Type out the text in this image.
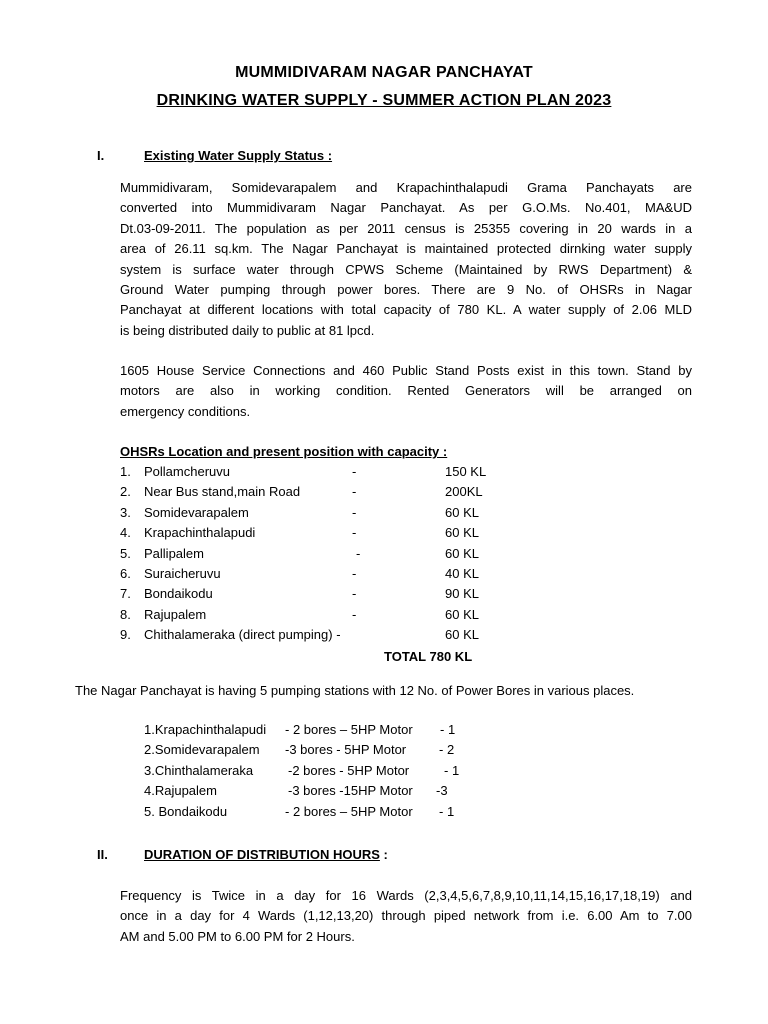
MUMMIDIVARAM NAGAR PANCHAYAT
DRINKING WATER SUPPLY - SUMMER ACTION PLAN 2023
I.	Existing Water Supply Status :
Mummidivaram, Somidevarapalem and Krapachinthalapudi Grama Panchayats are
converted into Mummidivaram Nagar Panchayat. As per G.O.Ms. No.401, MA&UD
Dt.03-09-2011. The population as per 2011 census is 25355 covering in 20 wards in a
area of 26.11 sq.km. The Nagar Panchayat is maintained protected dirnking water supply
system is surface water through CPWS Scheme (Maintained by RWS Department) &
Ground Water pumping through power bores. There are 9 No. of OHSRs in Nagar
Panchayat at different locations with total capacity of 780 KL. A water supply of 2.06 MLD
is being distributed daily to public at 81 lpcd.
1605 House Service Connections and 460 Public Stand Posts exist in this town. Stand by
motors are also in working condition. Rented Generators will be arranged on
emergency conditions.
OHSRs Location and present position with capacity :
1. Pollamcheruvu	-	150 KL
2. Near Bus stand,main Road	-	200KL
3. Somidevarapalem	-	60 KL
4. Krapachinthalapudi	-	60 KL
5. Pallipalem	-	60 KL
6. Suraicheruvu	-	40 KL
7. Bondaikodu	-	90 KL
8. Rajupalem	-	60 KL
9. Chithalameraka (direct pumping) -	60 KL
TOTAL 780 KL
The Nagar Panchayat is having 5 pumping stations with 12 No. of Power Bores in various places.
1.Krapachinthalapudi - 2 bores – 5HP Motor - 1
2.Somidevarapalem -3 bores - 5HP Motor	- 2
3.Chinthalameraka	-2 bores - 5HP Motor	- 1
4.Rajupalem	-3 bores -15HP Motor -3
5. Bondaikodu	- 2 bores – 5HP Motor - 1
II.	DURATION OF DISTRIBUTION HOURS :
Frequency is Twice in a day for 16 Wards (2,3,4,5,6,7,8,9,10,11,14,15,16,17,18,19) and
once in a day for 4 Wards (1,12,13,20) through piped network from i.e. 6.00 Am to 7.00
AM and 5.00 PM to 6.00 PM for 2 Hours.
